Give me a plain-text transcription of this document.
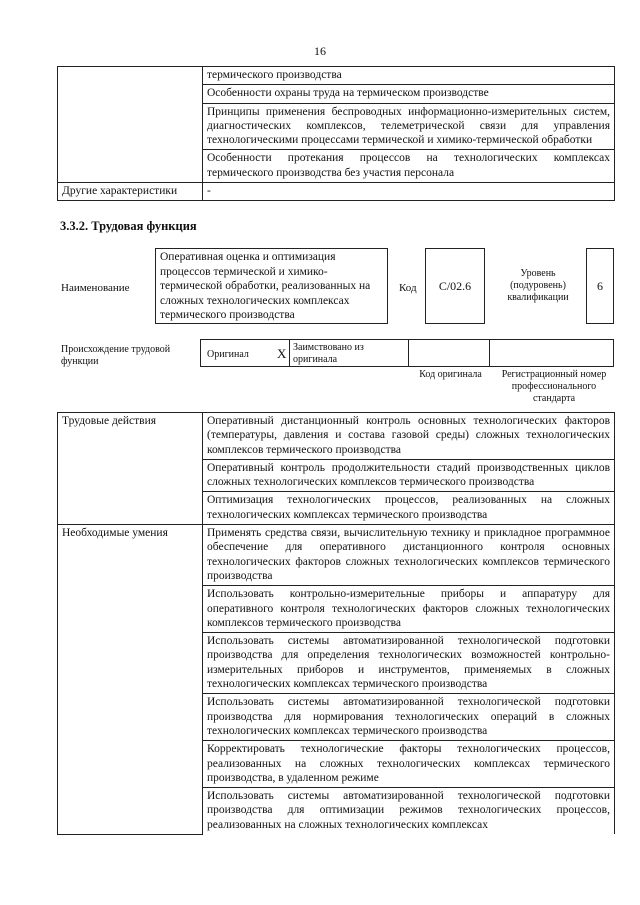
16
	термического производства
	Особенности охраны труда на термическом производстве
	Принципы применения беспроводных информационно-измерительных систем, диагностических комплексов, телеметрической связи для управления технологическими процессами термической и химико-термической обработки
	Особенности протекания процессов на технологических комплексах термического производства без участия персонала
Другие характеристики	-
3.3.2. Трудовая функция
Наименование
Оперативная оценка и оптимизация процессов термической и химико-термической обработки, реализованных на сложных технологических комплексах термического производства
Код C/02.6
Уровень (подуровень) квалификации
6
Происхождение трудовой функции
Оригинал X Заимствовано из оригинала
Код оригинала	Регистрационный номер профессионального стандарта
Трудовые действия	Оперативный дистанционный контроль основных технологических факторов (температуры, давления и состава газовой среды) сложных технологических комплексов термического производства
	Оперативный контроль продолжительности стадий производственных циклов сложных технологических комплексов термического производства
	Оптимизация технологических процессов, реализованных на сложных технологических комплексах термического производства
Необходимые умения	Применять средства связи, вычислительную технику и прикладное программное обеспечение для оперативного дистанционного контроля основных технологических факторов сложных технологических комплексов термического производства
	Использовать контрольно-измерительные приборы и аппаратуру для оперативного контроля технологических факторов сложных технологических комплексов термического производства
	Использовать системы автоматизированной технологической подготовки производства для определения технологических возможностей контрольно-измерительных приборов и инструментов, применяемых в сложных технологических комплексах термического производства
	Использовать системы автоматизированной технологической подготовки производства для нормирования технологических операций в сложных технологических комплексах термического производства
	Корректировать технологические факторы технологических процессов, реализованных на сложных технологических комплексах термического производства, в удаленном режиме
	Использовать системы автоматизированной технологической подготовки производства для оптимизации режимов технологических процессов, реализованных на сложных технологических комплексах
